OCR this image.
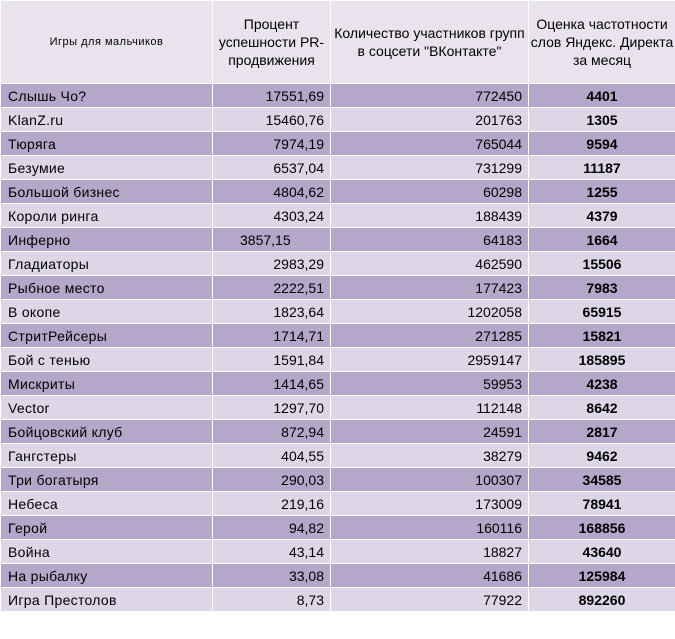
Игры для мальчиков	Процент успешности PR-продвижения	Количество участников групп в соцсети "ВКонтакте"	Оценка частотности слов Яндекс. Директа за месяц
Слышь Чо?	17551,69	772450	4401
KlanZ.ru	15460,76	201763	1305
Тюряга	7974,19	765044	9594
Безумие	6537,04	731299	11187
Большой бизнес	4804,62	60298	1255
Короли ринга	4303,24	188439	4379
Инферно	3857,15	64183	1664
Гладиаторы	2983,29	462590	15506
Рыбное место	2222,51	177423	7983
В окопе	1823,64	1202058	65915
СтритРейсеры	1714,71	271285	15821
Бой с тенью	1591,84	2959147	185895
Мискриты	1414,65	59953	4238
Vector	1297,70	112148	8642
Бойцовский клуб	872,94	24591	2817
Гангстеры	404,55	38279	9462
Три богатыря	290,03	100307	34585
Небеса	219,16	173009	78941
Герой	94,82	160116	168856
Война	43,14	18827	43640
На рыбалку	33,08	41686	125984
Игра Престолов	8,73	77922	892260
